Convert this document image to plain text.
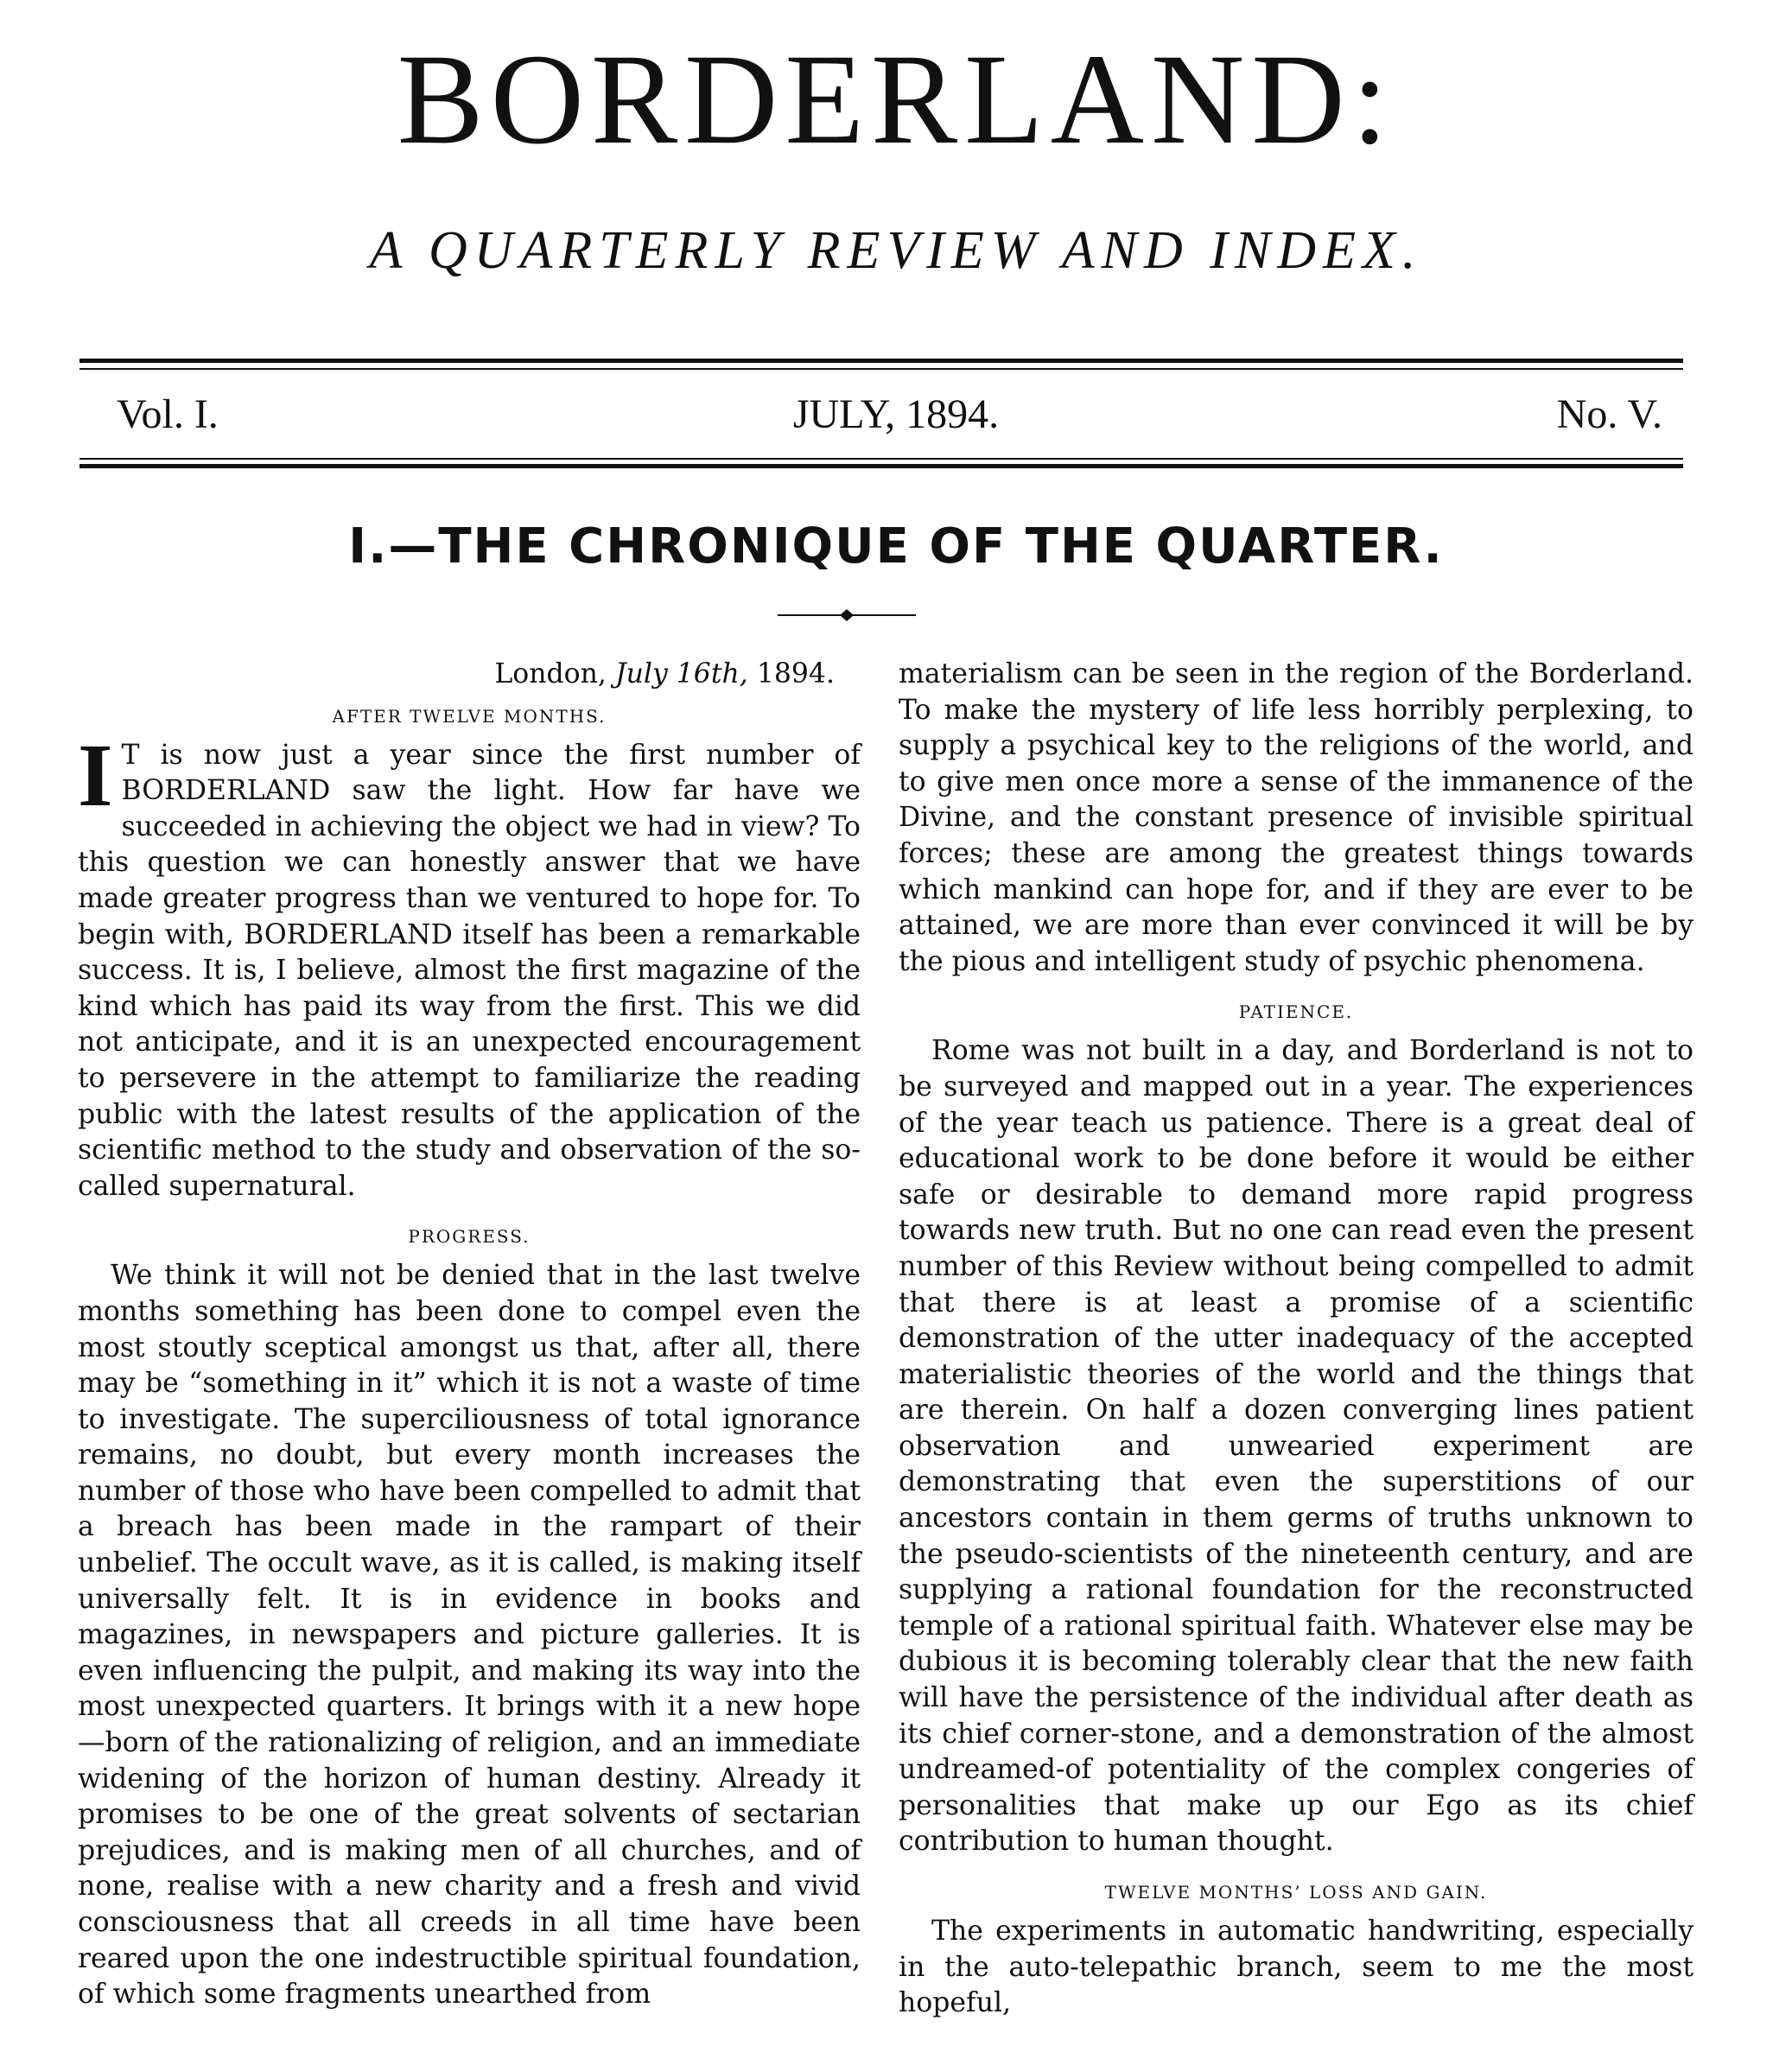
BORDERLAND:
A QUARTERLY REVIEW AND INDEX.
Vol. I.	JULY, 1894.	No. V.
I.—THE CHRONIQUE OF THE QUARTER.

London, July 16th, 1894.

AFTER TWELVE MONTHS.

I T is now just a year since the first number of BORDERLAND saw the light. How far have we succeeded in achieving the object we had in view? To this question we can honestly answer that we have made greater progress than we ventured to hope for. To begin with, BORDERLAND itself has been a remarkable success. It is, I believe, almost the first magazine of the kind which has paid its way from the first. This we did not anticipate, and it is an unexpected encouragement to persevere in the attempt to familiarize the reading public with the latest results of the application of the scientific method to the study and observation of the so-called supernatural.

PROGRESS.

We think it will not be denied that in the last twelve months something has been done to compel even the most stoutly sceptical amongst us that, after all, there may be “something in it” which it is not a waste of time to investigate. The superciliousness of total ignorance remains, no doubt, but every month increases the number of those who have been compelled to admit that a breach has been made in the rampart of their unbelief. The occult wave, as it is called, is making itself universally felt. It is in evidence in books and magazines, in newspapers and picture galleries. It is even influencing the pulpit, and making its way into the most unexpected quarters. It brings with it a new hope—born of the rationalizing of religion, and an immediate widening of the horizon of human destiny. Already it promises to be one of the great solvents of sectarian prejudices, and is making men of all churches, and of none, realise with a new charity and a fresh and vivid consciousness that all creeds in all time have been reared upon the one indestructible spiritual foundation, of which some fragments unearthed from

materialism can be seen in the region of the Borderland. To make the mystery of life less horribly perplexing, to supply a psychical key to the religions of the world, and to give men once more a sense of the immanence of the Divine, and the constant presence of invisible spiritual forces; these are among the greatest things towards which mankind can hope for, and if they are ever to be attained, we are more than ever convinced it will be by the pious and intelligent study of psychic phenomena.

PATIENCE.

Rome was not built in a day, and Borderland is not to be surveyed and mapped out in a year. The experiences of the year teach us patience. There is a great deal of educational work to be done before it would be either safe or desirable to demand more rapid progress towards new truth. But no one can read even the present number of this Review without being compelled to admit that there is at least a promise of a scientific demonstration of the utter inadequacy of the accepted materialistic theories of the world and the things that are therein. On half a dozen converging lines patient observation and unwearied experiment are demonstrating that even the superstitions of our ancestors contain in them germs of truths unknown to the pseudo-scientists of the nineteenth century, and are supplying a rational foundation for the reconstructed temple of a rational spiritual faith. Whatever else may be dubious it is becoming tolerably clear that the new faith will have the persistence of the individual after death as its chief corner-stone, and a demonstration of the almost undreamed-of potentiality of the complex congeries of personalities that make up our Ego as its chief contribution to human thought.

TWELVE MONTHS’ LOSS AND GAIN.

The experiments in automatic handwriting, especially in the auto-telepathic branch, seem to me the most hopeful,
